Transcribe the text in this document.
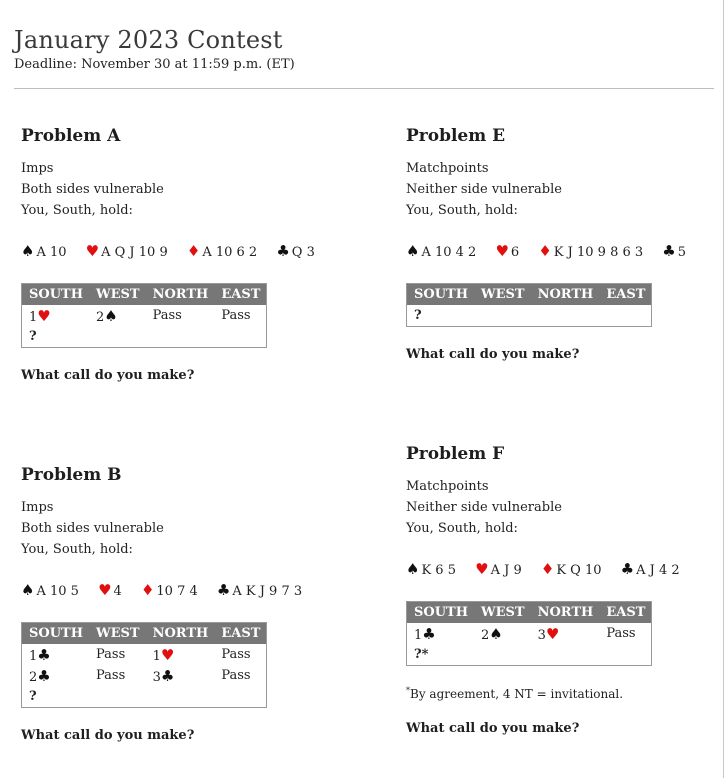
January 2023 Contest
Deadline: November 30 at 11:59 p.m. (ET)
Problem A
Imps
Both sides vulnerable
You, South, hold:
♠ A 10 ♥ A Q J 10 9 ♦ A 10 6 2 ♣ Q 3
SOUTH	WEST	NORTH	EAST
1♥	2♠	Pass	Pass
?			
What call do you make?
Problem B
Imps
Both sides vulnerable
You, South, hold:
♠ A 10 5 ♥ 4 ♦ 10 7 4 ♣ A K J 9 7 3
SOUTH	WEST	NORTH	EAST
1♣	Pass	1♥	Pass
2♣	Pass	3♣	Pass
?			
What call do you make?
Problem E
Matchpoints
Neither side vulnerable
You, South, hold:
♠ A 10 4 2 ♥ 6 ♦ K J 10 9 8 6 3 ♣ 5
SOUTH	WEST	NORTH	EAST
?			
What call do you make?
Problem F
Matchpoints
Neither side vulnerable
You, South, hold:
♠ K 6 5 ♥ A J 9 ♦ K Q 10 ♣ A J 4 2
SOUTH	WEST	NORTH	EAST
1♣	2♠	3♥	Pass
?*			
*By agreement, 4 NT = invitational.
What call do you make?
